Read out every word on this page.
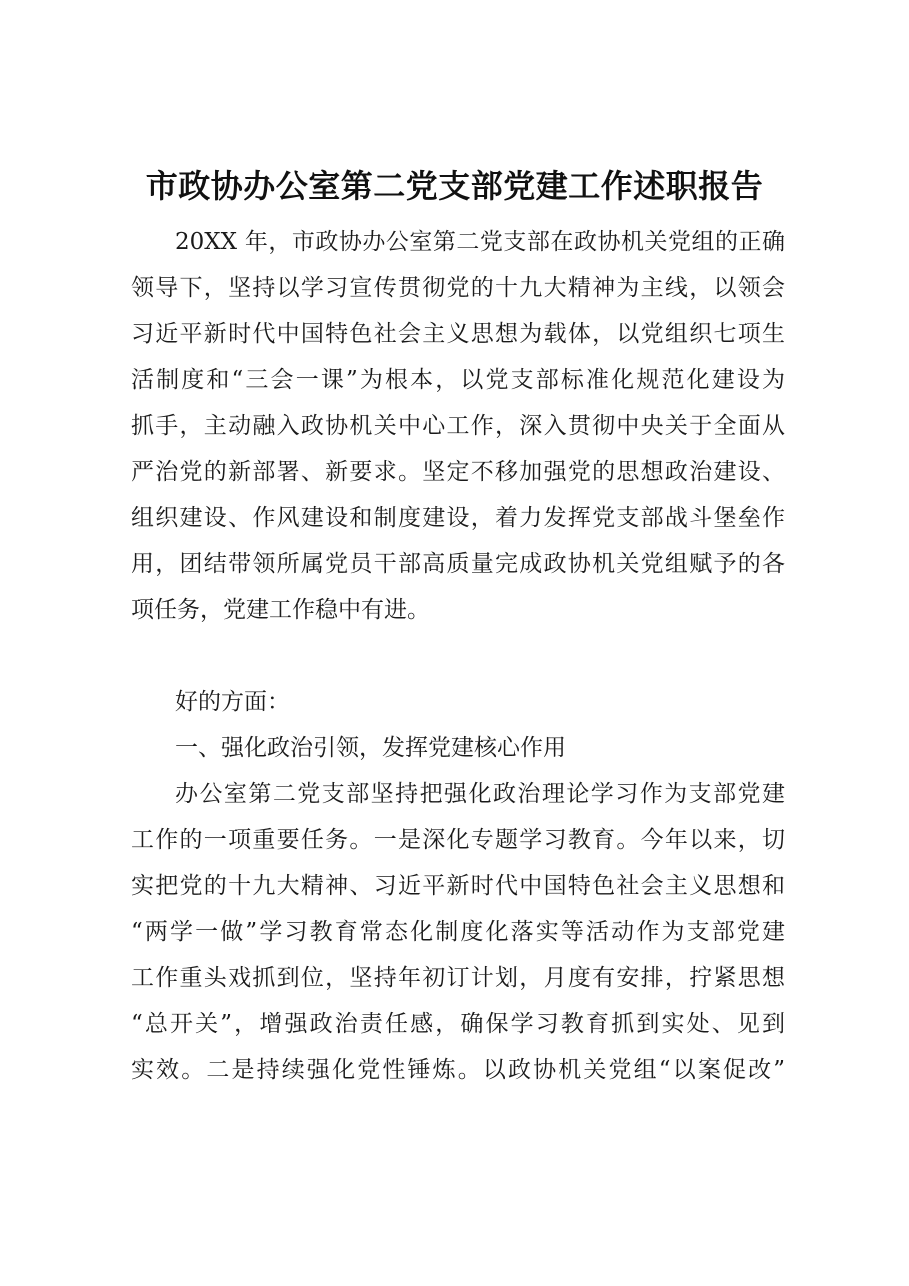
市政协办公室第二党支部党建工作述职报告
20XX 年，市政协办公室第二党支部在政协机关党组的正确
领导下，坚持以学习宣传贯彻党的十九大精神为主线，以领会
习近平新时代中国特色社会主义思想为载体，以党组织七项生
活制度和“三会一课”为根本，以党支部标准化规范化建设为
抓手，主动融入政协机关中心工作，深入贯彻中央关于全面从
严治党的新部署、新要求。坚定不移加强党的思想政治建设、
组织建设、作风建设和制度建设，着力发挥党支部战斗堡垒作
用，团结带领所属党员干部高质量完成政协机关党组赋予的各
项任务，党建工作稳中有进。
好的方面：
一、强化政治引领，发挥党建核心作用
办公室第二党支部坚持把强化政治理论学习作为支部党建
工作的一项重要任务。一是深化专题学习教育。今年以来，切
实把党的十九大精神、习近平新时代中国特色社会主义思想和
“两学一做”学习教育常态化制度化落实等活动作为支部党建
工作重头戏抓到位，坚持年初订计划，月度有安排，拧紧思想
“总开关”，增强政治责任感，确保学习教育抓到实处、见到
实效。二是持续强化党性锤炼。以政协机关党组“以案促改”
